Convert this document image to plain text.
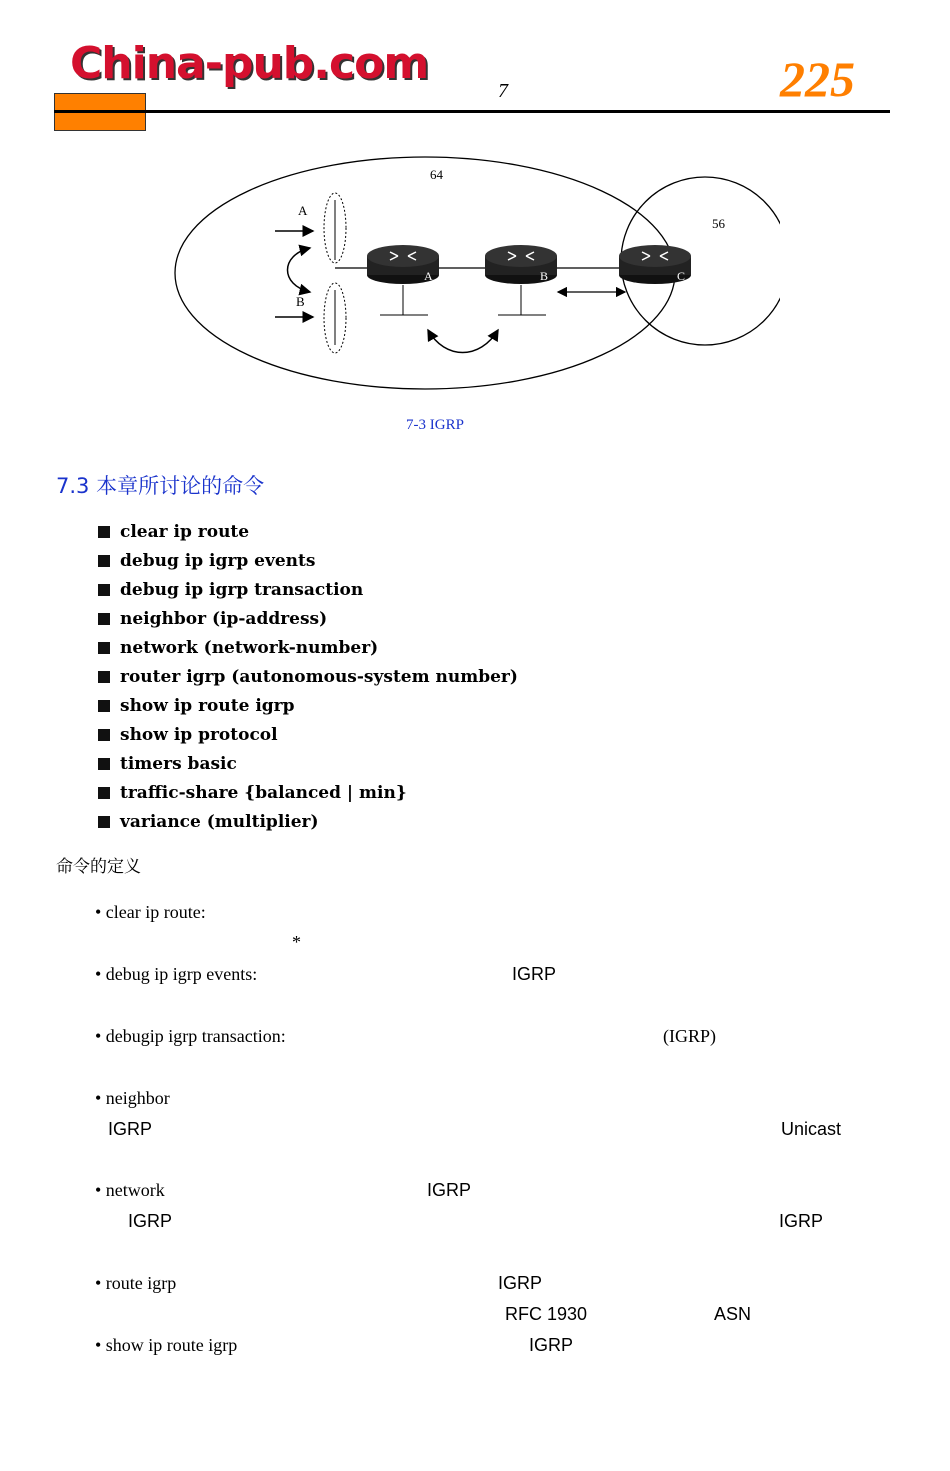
China-pub.com
7	225
64
56
A
B
A	B	C
7-3 IGRP
7.3 本章所讨论的命令
clear ip route
debug ip igrp events
debug ip igrp transaction
neighbor (ip-address)
network (network-number)
router igrp (autonomous-system number)
show ip route igrp
show ip protocol
timers basic
traffic-share {balanced | min}
variance (multiplier)
命令的定义
• clear ip route:
*
• debug ip igrp events:	IGRP
• debugip igrp transaction:	(IGRP)
• neighbor
IGRP	Unicast
• network	IGRP
IGRP	IGRP
• route igrp	IGRP
RFC 1930	ASN
• show ip route igrp	IGRP
